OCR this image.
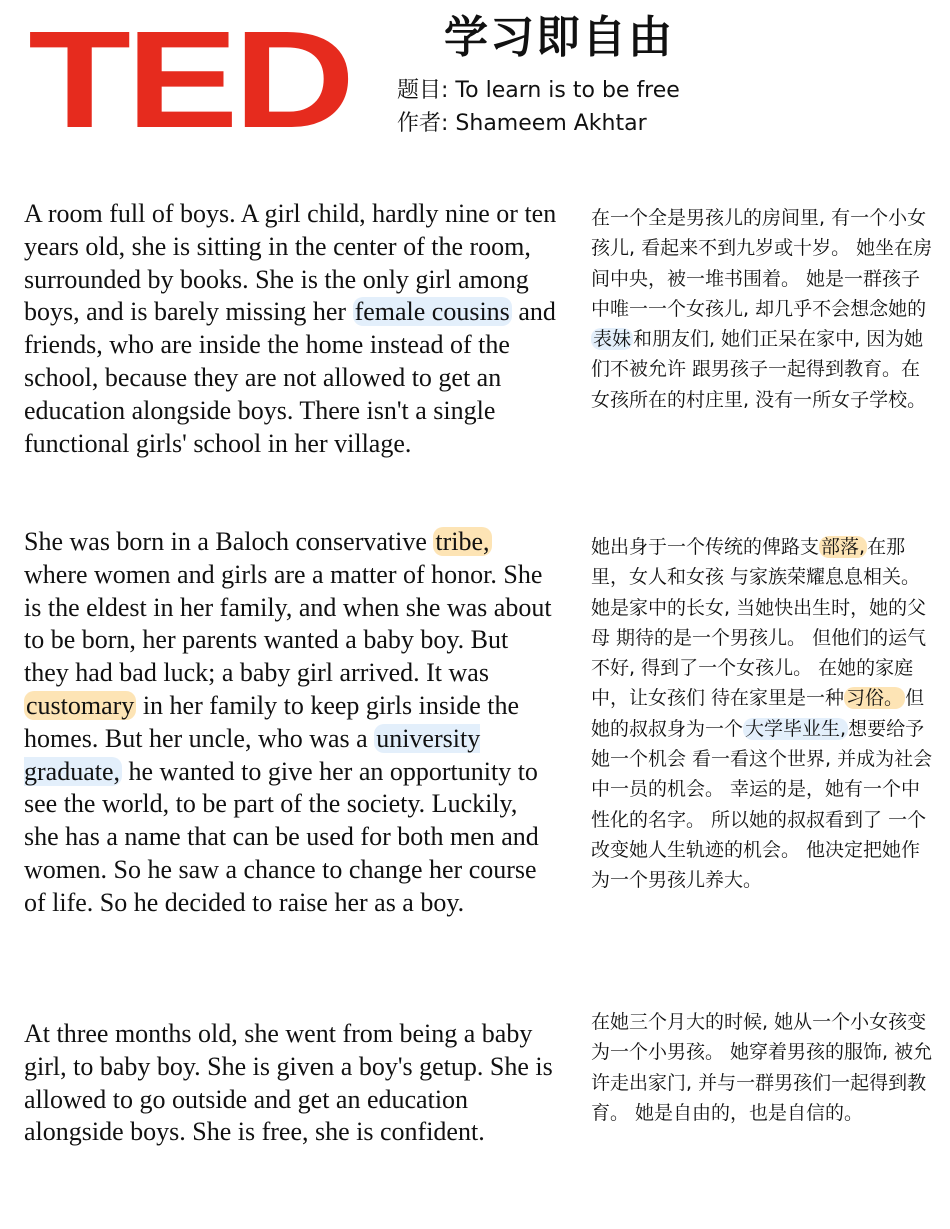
TED 学习即自由
题目: To learn is to be free
作者: Shameem Akhtar

A room full of boys. A girl child, hardly nine or ten years old, she is sitting in the center of the room, surrounded by books. She is the only girl among boys, and is barely missing her female cousins and friends, who are inside the home instead of the school, because they are not allowed to get an education alongside boys. There isn't a single functional girls' school in her village.

She was born in a Baloch conservative tribe, where women and girls are a matter of honor. She is the eldest in her family, and when she was about to be born, her parents wanted a baby boy. But they had bad luck; a baby girl arrived. It was customary in her family to keep girls inside the homes. But her uncle, who was a university graduate, he wanted to give her an opportunity to see the world, to be part of the society. Luckily, she has a name that can be used for both men and women. So he saw a chance to change her course of life. So he decided to raise her as a boy.

At three months old, she went from being a baby girl, to baby boy. She is given a boy's getup. She is allowed to go outside and get an education alongside boys. She is free, she is confident.

在一个全是男孩儿的房间里, 有一个小女孩儿, 看起来不到九岁或十岁。 她坐在房间中央，被一堆书围着。 她是一群孩子中唯一一个女孩儿, 却几乎不会想念她的表妹 和朋友们, 她们正呆在家中, 因为她们不被允许 跟男孩子一起得到教育。在女孩所在的村庄里, 没有一所女子学校。

她出身于一个传统的俾路支 部落, 在那里，女人和女孩 与家族荣耀息息相关。 她是家中的长女, 当她快出生时，她的父母 期待的是一个男孩儿。 但他们的运气不好, 得到了一个女孩儿。 在她的家庭中，让女孩们 待在家里是一种 习俗。 但她的叔叔身为一个 大学毕业生, 想要给予她一个机会 看一看这个世界, 并成为社会中一员的机会。 幸运的是，她有一个中性化的名字。 所以她的叔叔看到了 一个改变她人生轨迹的机会。 他决定把她作为一个男孩儿养大。

在她三个月大的时候, 她从一个小女孩变为一个小男孩。 她穿着男孩的服饰, 被允许走出家门, 并与一群男孩们一起得到教育。 她是自由的，也是自信的。
